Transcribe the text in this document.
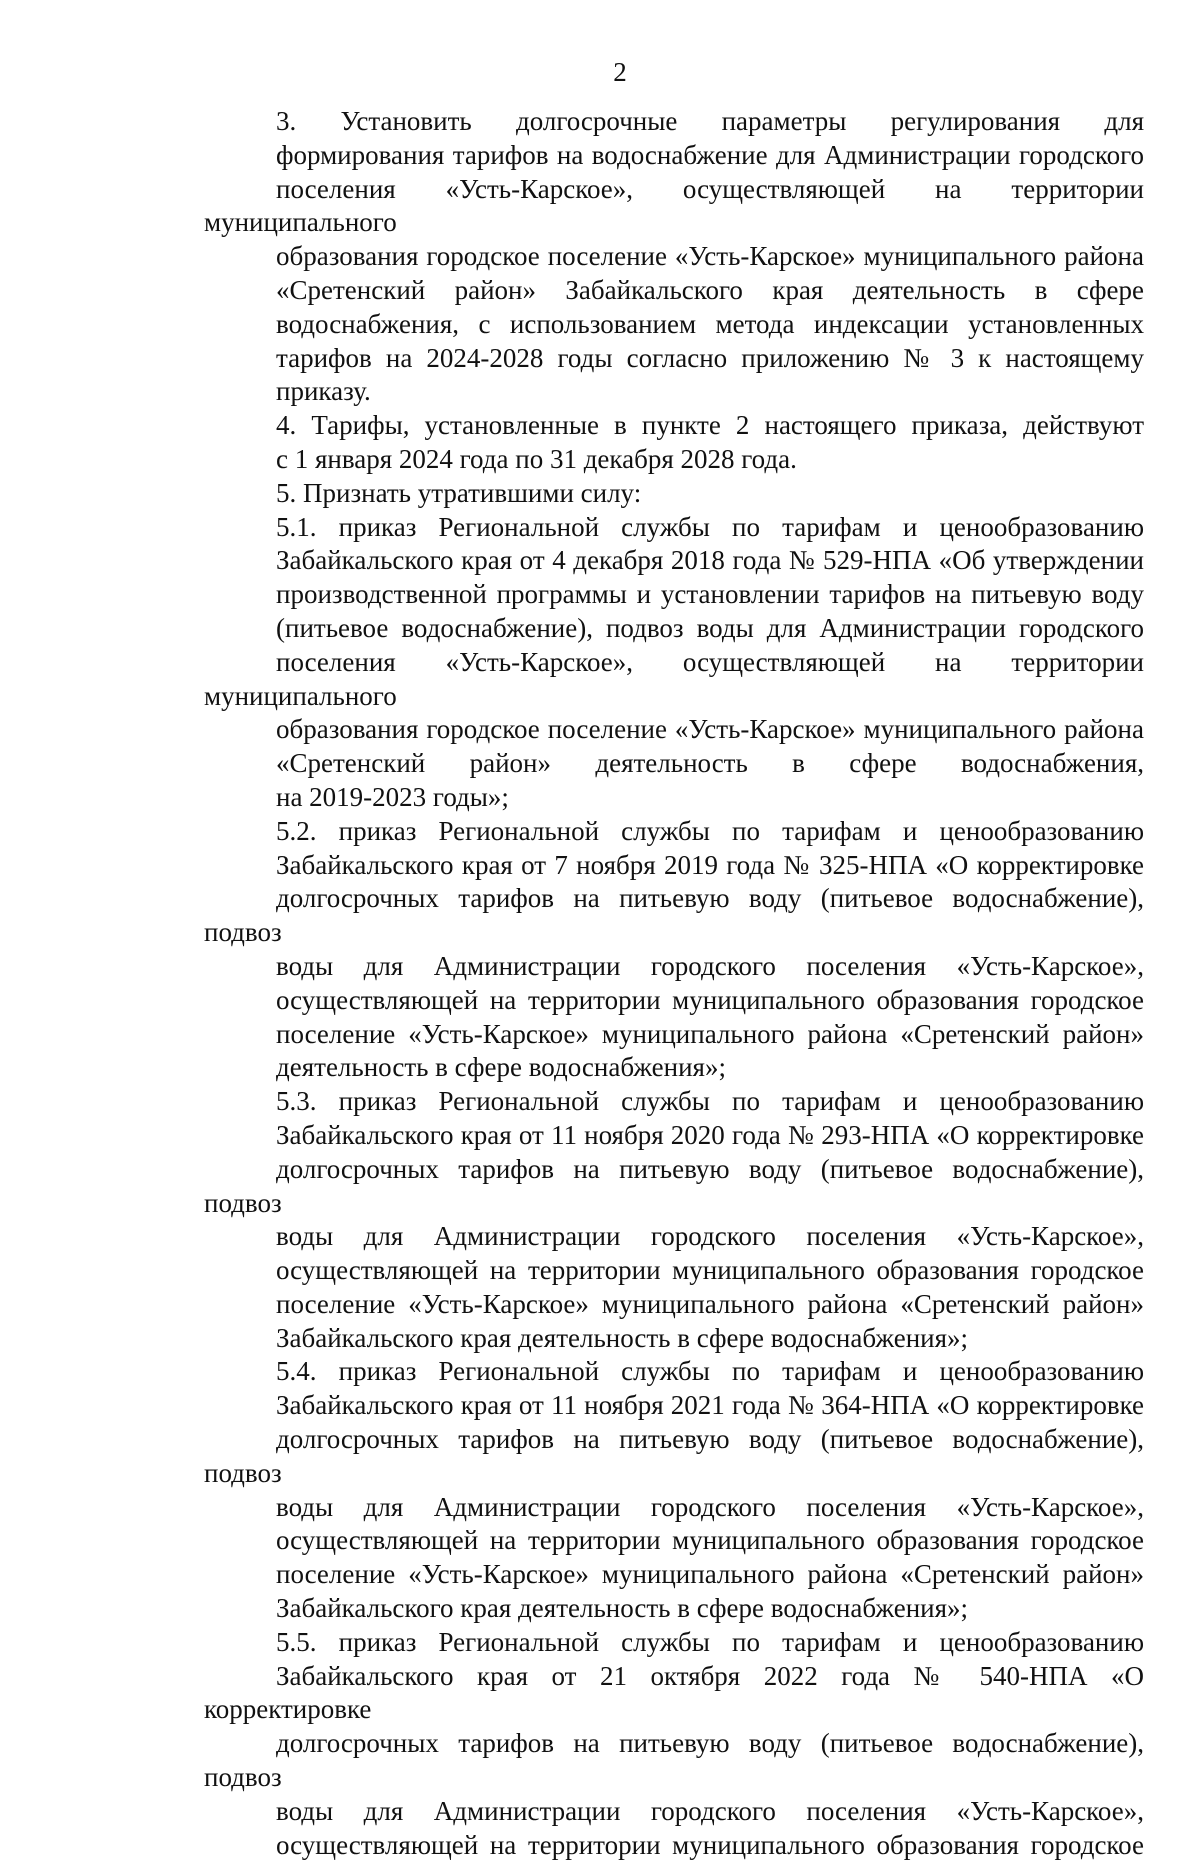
2
3. Установить долгосрочные параметры регулирования для
формирования тарифов на водоснабжение для Администрации городского
поселения «Усть-Карское», осуществляющей на территории муниципального
образования городское поселение «Усть-Карское» муниципального района
«Сретенский район» Забайкальского края деятельность в сфере
водоснабжения, с использованием метода индексации установленных
тарифов на 2024-2028 годы согласно приложению № 3 к настоящему
приказу.
4. Тарифы, установленные в пункте 2 настоящего приказа, действуют
с 1 января 2024 года по 31 декабря 2028 года.
5. Признать утратившими силу:
5.1. приказ Региональной службы по тарифам и ценообразованию
Забайкальского края от 4 декабря 2018 года № 529-НПА «Об утверждении
производственной программы и установлении тарифов на питьевую воду
(питьевое водоснабжение), подвоз воды для Администрации городского
поселения «Усть-Карское», осуществляющей на территории муниципального
образования городское поселение «Усть-Карское» муниципального района
«Сретенский район» деятельность в сфере водоснабжения,
на 2019-2023 годы»;
5.2. приказ Региональной службы по тарифам и ценообразованию
Забайкальского края от 7 ноября 2019 года № 325-НПА «О корректировке
долгосрочных тарифов на питьевую воду (питьевое водоснабжение), подвоз
воды для Администрации городского поселения «Усть-Карское»,
осуществляющей на территории муниципального образования городское
поселение «Усть-Карское» муниципального района «Сретенский район»
деятельность в сфере водоснабжения»;
5.3. приказ Региональной службы по тарифам и ценообразованию
Забайкальского края от 11 ноября 2020 года № 293-НПА «О корректировке
долгосрочных тарифов на питьевую воду (питьевое водоснабжение), подвоз
воды для Администрации городского поселения «Усть-Карское»,
осуществляющей на территории муниципального образования городское
поселение «Усть-Карское» муниципального района «Сретенский район»
Забайкальского края деятельность в сфере водоснабжения»;
5.4. приказ Региональной службы по тарифам и ценообразованию
Забайкальского края от 11 ноября 2021 года № 364-НПА «О корректировке
долгосрочных тарифов на питьевую воду (питьевое водоснабжение), подвоз
воды для Администрации городского поселения «Усть-Карское»,
осуществляющей на территории муниципального образования городское
поселение «Усть-Карское» муниципального района «Сретенский район»
Забайкальского края деятельность в сфере водоснабжения»;
5.5. приказ Региональной службы по тарифам и ценообразованию
Забайкальского края от 21 октября 2022 года № 540-НПА «О корректировке
долгосрочных тарифов на питьевую воду (питьевое водоснабжение), подвоз
воды для Администрации городского поселения «Усть-Карское»,
осуществляющей на территории муниципального образования городское
